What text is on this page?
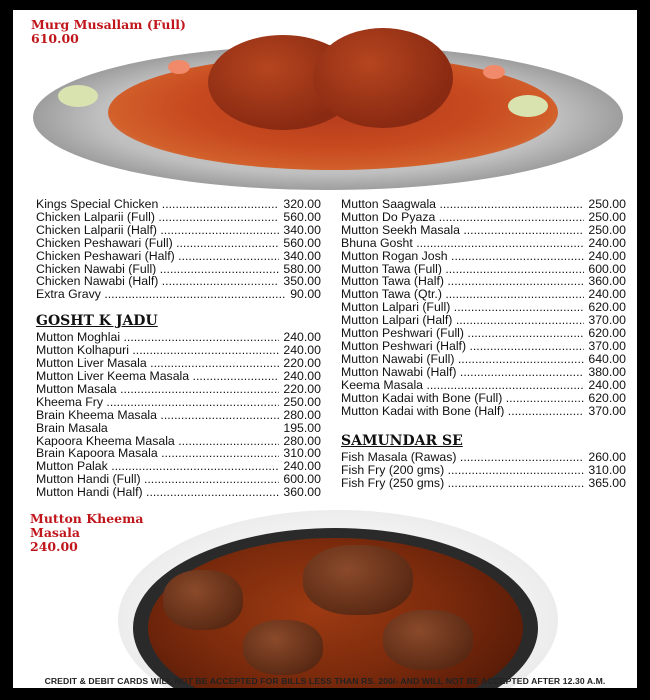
Murg Musallam (Full)
610.00
Kings Special Chicken .....	320.00
Chicken Lalparii (Full) .....	560.00
Chicken Lalparii (Half) .....	340.00
Chicken Peshawari (Full) .....	560.00
Chicken Peshawari (Half) .....	340.00
Chicken Nawabi (Full) .....	580.00
Chicken Nawabi (Half) .....	350.00
Extra Gravy .....	90.00
GOSHT K JADU
Mutton Moghlai .....	240.00
Mutton Kolhapuri .....	240.00
Mutton Liver Masala .....	220.00
Mutton Liver Keema Masala .....	240.00
Mutton Masala .....	220.00
Kheema Fry .....	250.00
Brain Kheema Masala .....	280.00
Brain Masala	195.00
Kapoora Kheema Masala .....	280.00
Brain Kapoora Masala .....	310.00
Mutton Palak .....	240.00
Mutton Handi (Full) .....	600.00
Mutton Handi (Half) .....	360.00
Mutton Saagwala .....	250.00
Mutton Do Pyaza .....	250.00
Mutton Seekh Masala .....	250.00
Bhuna Gosht .....	240.00
Mutton Rogan Josh .....	240.00
Mutton Tawa (Full) .....	600.00
Mutton Tawa (Half) .....	360.00
Mutton Tawa (Qtr.) .....	240.00
Mutton Lalpari (Full) .....	620.00
Mutton Lalpari (Half) .....	370.00
Mutton Peshwari (Full) .....	620.00
Mutton Peshwari (Half) .....	370.00
Mutton Nawabi (Full) .....	640.00
Mutton Nawabi (Half) .....	380.00
Keema Masala .....	240.00
Mutton Kadai with Bone (Full) .....	620.00
Mutton Kadai with Bone (Half) .....	370.00
SAMUNDAR SE
Fish Masala (Rawas) .....	260.00
Fish Fry (200 gms) .....	310.00
Fish Fry (250 gms) .....	365.00
Mutton Kheema
Masala
240.00
CREDIT & DEBIT CARDS WILL NOT BE ACCEPTED FOR BILLS LESS THAN RS. 200/- AND WILL NOT BE ACCEPTED AFTER 12.30 A.M.
